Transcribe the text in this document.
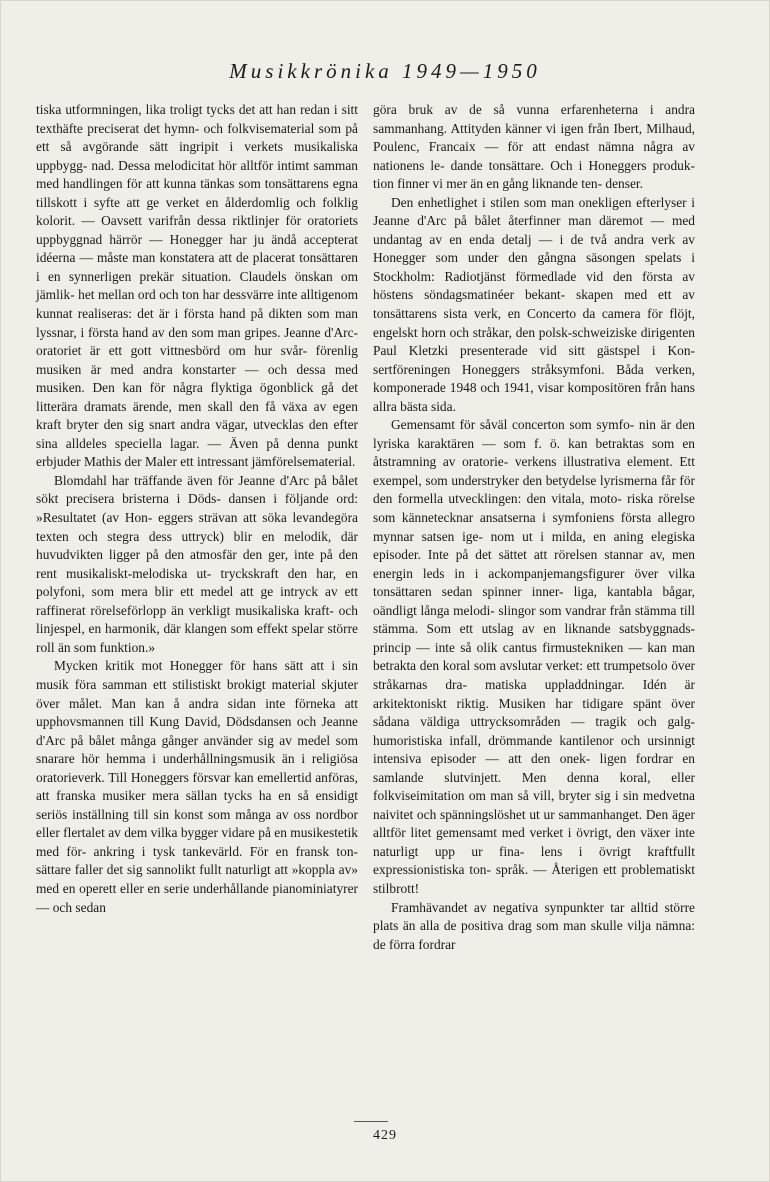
Musikkrönika 1949—1950

tiska utformningen, lika troligt tycks det att han redan i sitt texthäfte preciserat det hymn- och folkvisematerial som på ett så avgörande sätt ingripit i verkets musikaliska uppbygg- nad. Dessa melodicitat hör alltför intimt samman med handlingen för att kunna tänkas som tonsättarens egna tillskott i syfte att ge verket en ålderdomlig och folklig kolorit. — Oavsett varifrån dessa riktlinjer för oratoriets uppbyggnad härrör — Honegger har ju ändå accepterat idéerna — måste man konstatera att de placerat tonsättaren i en synnerligen prekär situation. Claudels önskan om jämlik- het mellan ord och ton har dessvärre inte alltigenom kunnat realiseras: det är i första hand på dikten som man lyssnar, i första hand av den som man gripes. Jeanne d'Arc- oratoriet är ett gott vittnesbörd om hur svår- förenlig musiken är med andra konstarter — och dessa med musiken. Den kan för några flyktiga ögonblick gå det litterära dramats ärende, men skall den få växa av egen kraft bryter den sig snart andra vägar, utvecklas den efter sina alldeles speciella lagar. — Även på denna punkt erbjuder Mathis der Maler ett intressant jämförelsematerial.

Blomdahl har träffande även för Jeanne d'Arc på bålet sökt precisera bristerna i Döds- dansen i följande ord: »Resultatet (av Hon- eggers strävan att söka levandegöra texten och stegra dess uttryck) blir en melodik, där huvudvikten ligger på den atmosfär den ger, inte på den rent musikaliskt-melodiska ut- tryckskraft den har, en polyfoni, som mera blir ett medel att ge intryck av ett raffinerat rörelseförlopp än verkligt musikaliska kraft- och linjespel, en harmonik, där klangen som effekt spelar större roll än som funktion.»

Mycken kritik mot Honegger för hans sätt att i sin musik föra samman ett stilistiskt brokigt material skjuter över målet. Man kan å andra sidan inte förneka att upphovsmannen till Kung David, Dödsdansen och Jeanne d'Arc på bålet många gånger använder sig av medel som snarare hör hemma i underhållningsmusik än i religiösa oratorieverk. Till Honeggers försvar kan emellertid anföras, att franska musiker mera sällan tycks ha en så ensidigt seriös inställning till sin konst som många av oss nordbor eller flertalet av dem vilka bygger vidare på en musikestetik med för- ankring i tysk tankevärld. För en fransk ton- sättare faller det sig sannolikt fullt naturligt att »koppla av» med en operett eller en serie underhållande pianominiatyrer — och sedan

göra bruk av de så vunna erfarenheterna i andra sammanhang. Attityden känner vi igen från Ibert, Milhaud, Poulenc, Francaix — för att endast nämna några av nationens le- dande tonsättare. Och i Honeggers produk- tion finner vi mer än en gång liknande ten- denser.

Den enhetlighet i stilen som man onekligen efterlyser i Jeanne d'Arc på bålet återfinner man däremot — med undantag av en enda detalj — i de två andra verk av Honegger som under den gångna säsongen spelats i Stockholm: Radiotjänst förmedlade vid den första av höstens söndagsmatinéer bekant- skapen med ett av tonsättarens sista verk, en Concerto da camera för flöjt, engelskt horn och stråkar, den polsk-schweiziske dirigenten Paul Kletzki presenterade vid sitt gästspel i Kon- sertföreningen Honeggers stråksymfoni. Båda verken, komponerade 1948 och 1941, visar kompositören från hans allra bästa sida.

Gemensamt för såväl concerton som symfo- nin är den lyriska karaktären — som f. ö. kan betraktas som en åtstramning av oratorie- verkens illustrativa element. Ett exempel, som understryker den betydelse lyrismerna får för den formella utvecklingen: den vitala, moto- riska rörelse som kännetecknar ansatserna i symfoniens första allegro mynnar satsen ige- nom ut i milda, en aning elegiska episoder. Inte på det sättet att rörelsen stannar av, men energin leds in i ackompanjemangsfigurer över vilka tonsättaren sedan spinner inner- liga, kantabla bågar, oändligt långa melodi- slingor som vandrar från stämma till stämma. Som ett utslag av en liknande satsbyggnads- princip — inte så olik cantus firmustekniken — kan man betrakta den koral som avslutar verket: ett trumpetsolo över stråkarnas dra- matiska uppladdningar. Idén är arkitektoniskt riktig. Musiken har tidigare spänt över sådana väldiga uttrycksområden — tragik och galg- humoristiska infall, drömmande kantilenor och ursinnigt intensiva episoder — att den onek- ligen fordrar en samlande slutvinjett. Men denna koral, eller folkviseimitation om man så vill, bryter sig i sin medvetna naivitet och spänningslöshet ut ur sammanhanget. Den äger alltför litet gemensamt med verket i övrigt, den växer inte naturligt upp ur fina- lens i övrigt kraftfullt expressionistiska ton- språk. — Återigen ett problematiskt stilbrott!

Framhävandet av negativa synpunkter tar alltid större plats än alla de positiva drag som man skulle vilja nämna: de förra fordrar

429
